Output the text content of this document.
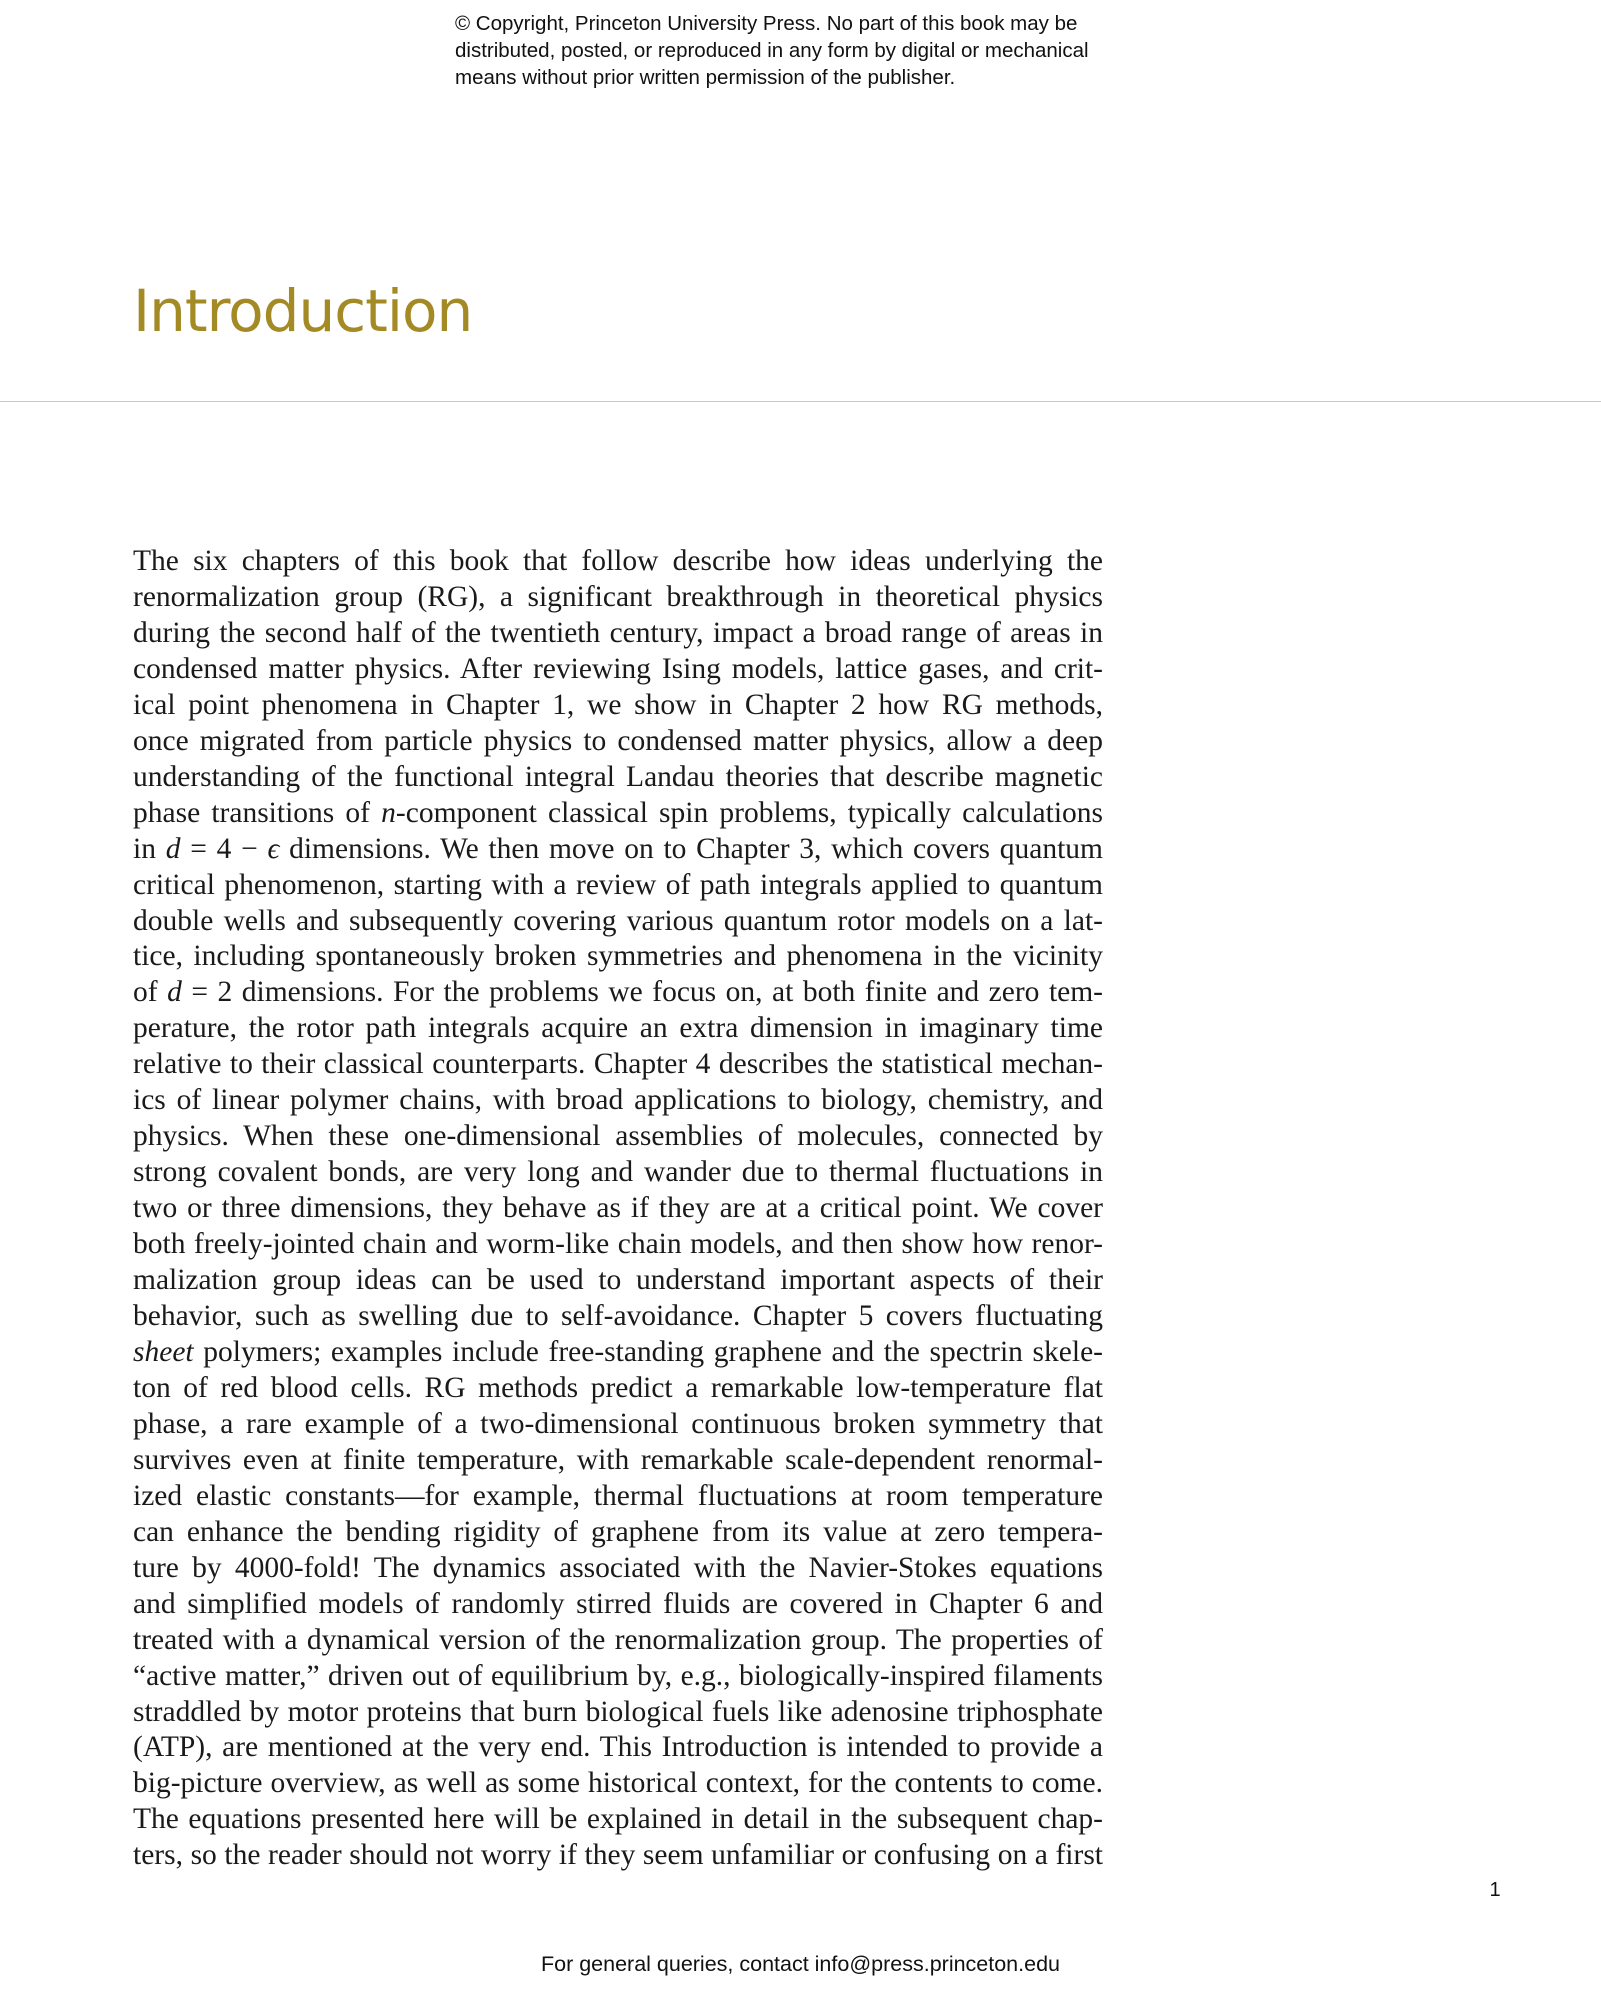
© Copyright, Princeton University Press. No part of this book may be
distributed, posted, or reproduced in any form by digital or mechanical
means without prior written permission of the publisher.
Introduction
The six chapters of this book that follow describe how ideas underlying the
renormalization group (RG), a significant breakthrough in theoretical physics
during the second half of the twentieth century, impact a broad range of areas in
condensed matter physics. After reviewing Ising models, lattice gases, and crit-
ical point phenomena in Chapter 1, we show in Chapter 2 how RG methods,
once migrated from particle physics to condensed matter physics, allow a deep
understanding of the functional integral Landau theories that describe magnetic
phase transitions of n-component classical spin problems, typically calculations
in d = 4 − ϵ dimensions. We then move on to Chapter 3, which covers quantum
critical phenomenon, starting with a review of path integrals applied to quantum
double wells and subsequently covering various quantum rotor models on a lat-
tice, including spontaneously broken symmetries and phenomena in the vicinity
of d = 2 dimensions. For the problems we focus on, at both finite and zero tem-
perature, the rotor path integrals acquire an extra dimension in imaginary time
relative to their classical counterparts. Chapter 4 describes the statistical mechan-
ics of linear polymer chains, with broad applications to biology, chemistry, and
physics. When these one-dimensional assemblies of molecules, connected by
strong covalent bonds, are very long and wander due to thermal fluctuations in
two or three dimensions, they behave as if they are at a critical point. We cover
both freely-jointed chain and worm-like chain models, and then show how renor-
malization group ideas can be used to understand important aspects of their
behavior, such as swelling due to self-avoidance. Chapter 5 covers fluctuating
sheet polymers; examples include free-standing graphene and the spectrin skele-
ton of red blood cells. RG methods predict a remarkable low-temperature flat
phase, a rare example of a two-dimensional continuous broken symmetry that
survives even at finite temperature, with remarkable scale-dependent renormal-
ized elastic constants—for example, thermal fluctuations at room temperature
can enhance the bending rigidity of graphene from its value at zero tempera-
ture by 4000-fold! The dynamics associated with the Navier-Stokes equations
and simplified models of randomly stirred fluids are covered in Chapter 6 and
treated with a dynamical version of the renormalization group. The properties of
“active matter,” driven out of equilibrium by, e.g., biologically-inspired filaments
straddled by motor proteins that burn biological fuels like adenosine triphosphate
(ATP), are mentioned at the very end. This Introduction is intended to provide a
big-picture overview, as well as some historical context, for the contents to come.
The equations presented here will be explained in detail in the subsequent chap-
ters, so the reader should not worry if they seem unfamiliar or confusing on a first
1
For general queries, contact info@press.princeton.edu
